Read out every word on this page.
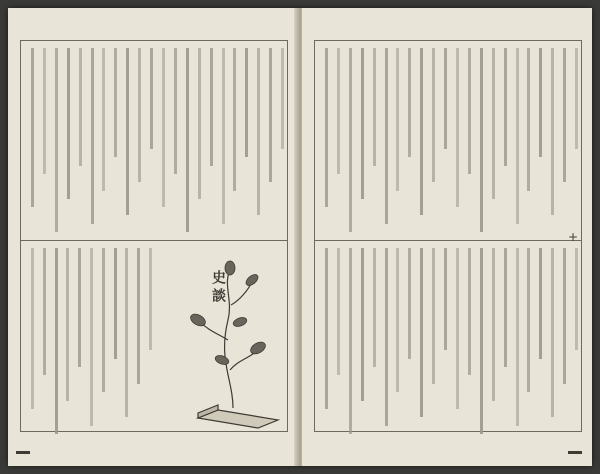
史談
+
